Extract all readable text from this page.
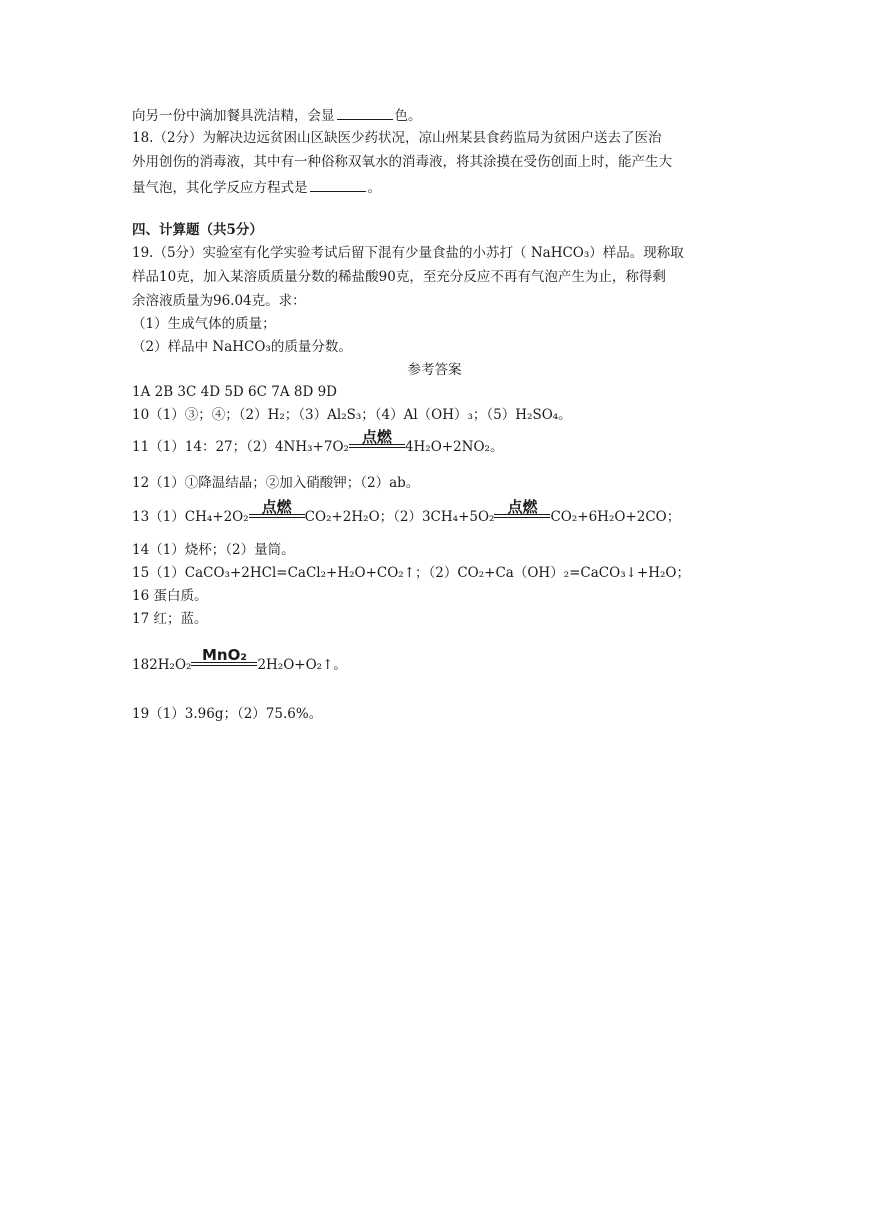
向另一份中滴加餐具洗洁精，会显	色。
18.（2分）为解决边远贫困山区缺医少药状况，凉山州某县食药监局为贫困户送去了医治
外用创伤的消毒液，其中有一种俗称双氧水的消毒液，将其涂摸在受伤创面上时，能产生大
量气泡，其化学反应方程式是	。
四、计算题（共5分）
19.（5分）实验室有化学实验考试后留下混有少量食盐的小苏打（ NaHCO₃）样品。现称取
样品10克，加入某溶质质量分数的稀盐酸90克，至充分反应不再有气泡产生为止，称得剩
余溶液质量为96.04克。求：
（1）生成气体的质量；
（2）样品中 NaHCO₃的质量分数。
参考答案
1A 2B 3C 4D 5D 6C 7A 8D 9D
10（1）③；④；（2）H₂；（3）Al₂S₃；（4）Al（OH）₃；（5）H₂SO₄。
11（1）14：27；（2）4NH₃+7O₂
点燃
4H₂O+2NO₂。
12（1）①降温结晶；②加入硝酸钾；（2）ab。
13（1）CH₄+2O₂
点燃
CO₂+2H₂O；（2）3CH₄+5O₂
点燃
CO₂+6H₂O+2CO；
14（1）烧杯；（2）量筒。
15（1）CaCO₃+2HCl=CaCl₂+H₂O+CO₂↑；（2）CO₂+Ca（OH）₂=CaCO₃↓+H₂O；
16 蛋白质。
17 红；蓝。
182H₂O₂
MnO₂
2H₂O+O₂↑。
19（1）3.96g；（2）75.6%。
